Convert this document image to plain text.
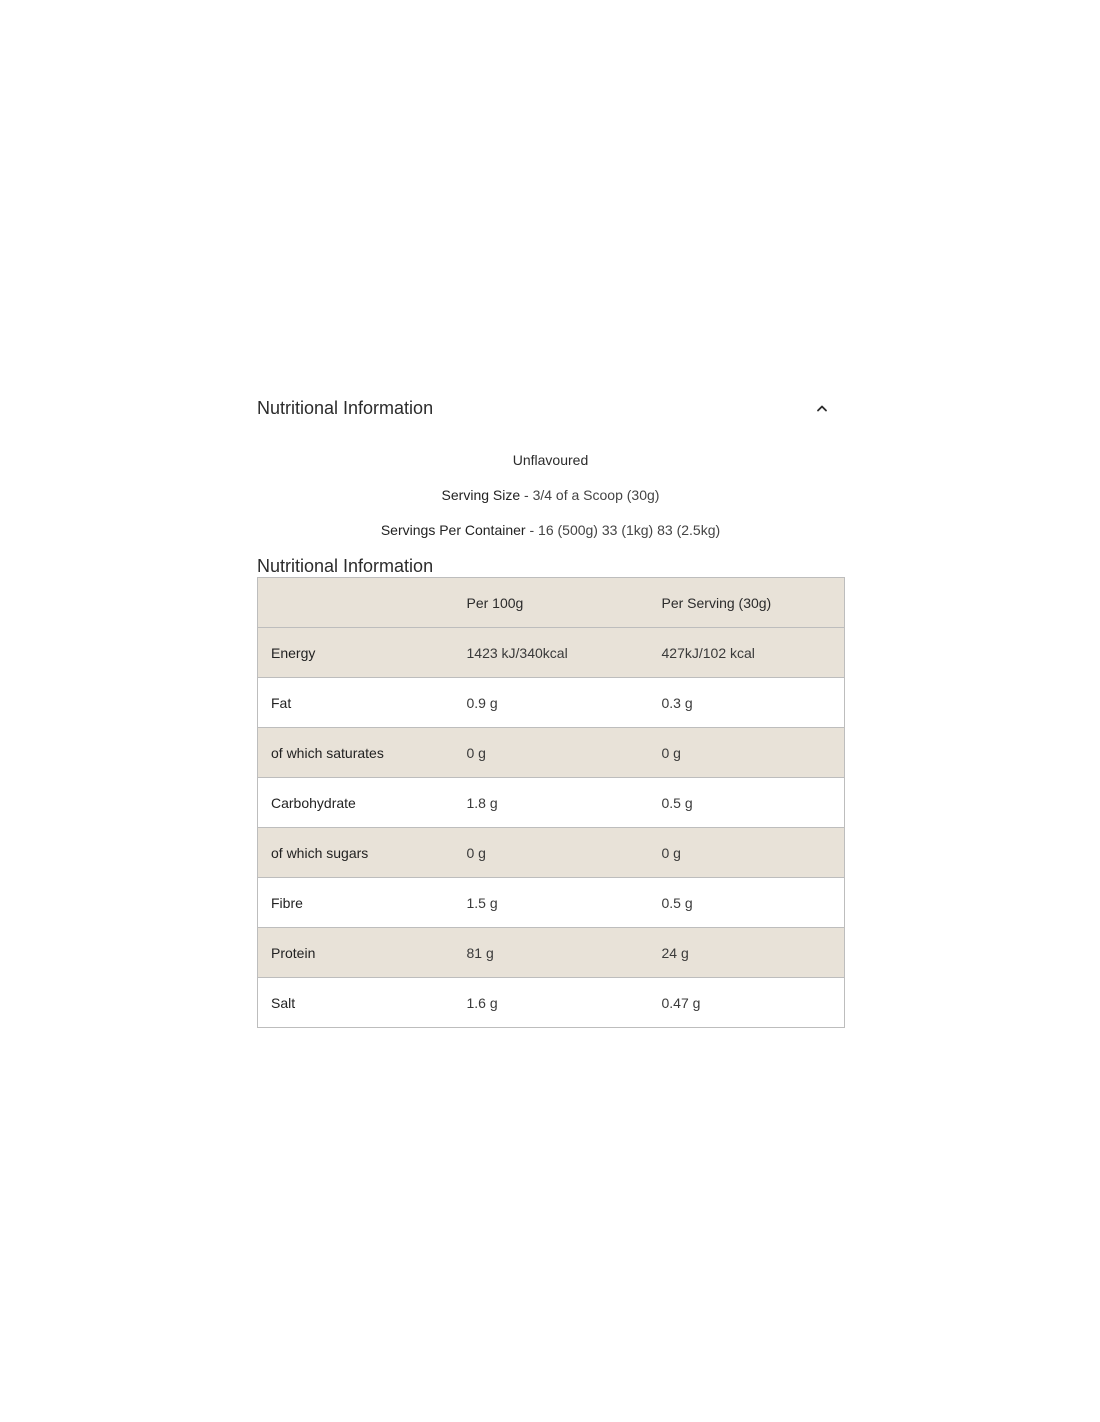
Nutritional Information
Unflavoured
Serving Size - 3/4 of a Scoop (30g)
Servings Per Container - 16 (500g) 33 (1kg) 83 (2.5kg)
Nutritional Information
	Per 100g	Per Serving (30g)
Energy	1423 kJ/340kcal	427kJ/102 kcal
Fat	0.9 g	0.3 g
of which saturates	0 g	0 g
Carbohydrate	1.8 g	0.5 g
of which sugars	0 g	0 g
Fibre	1.5 g	0.5 g
Protein	81 g	24 g
Salt	1.6 g	0.47 g
